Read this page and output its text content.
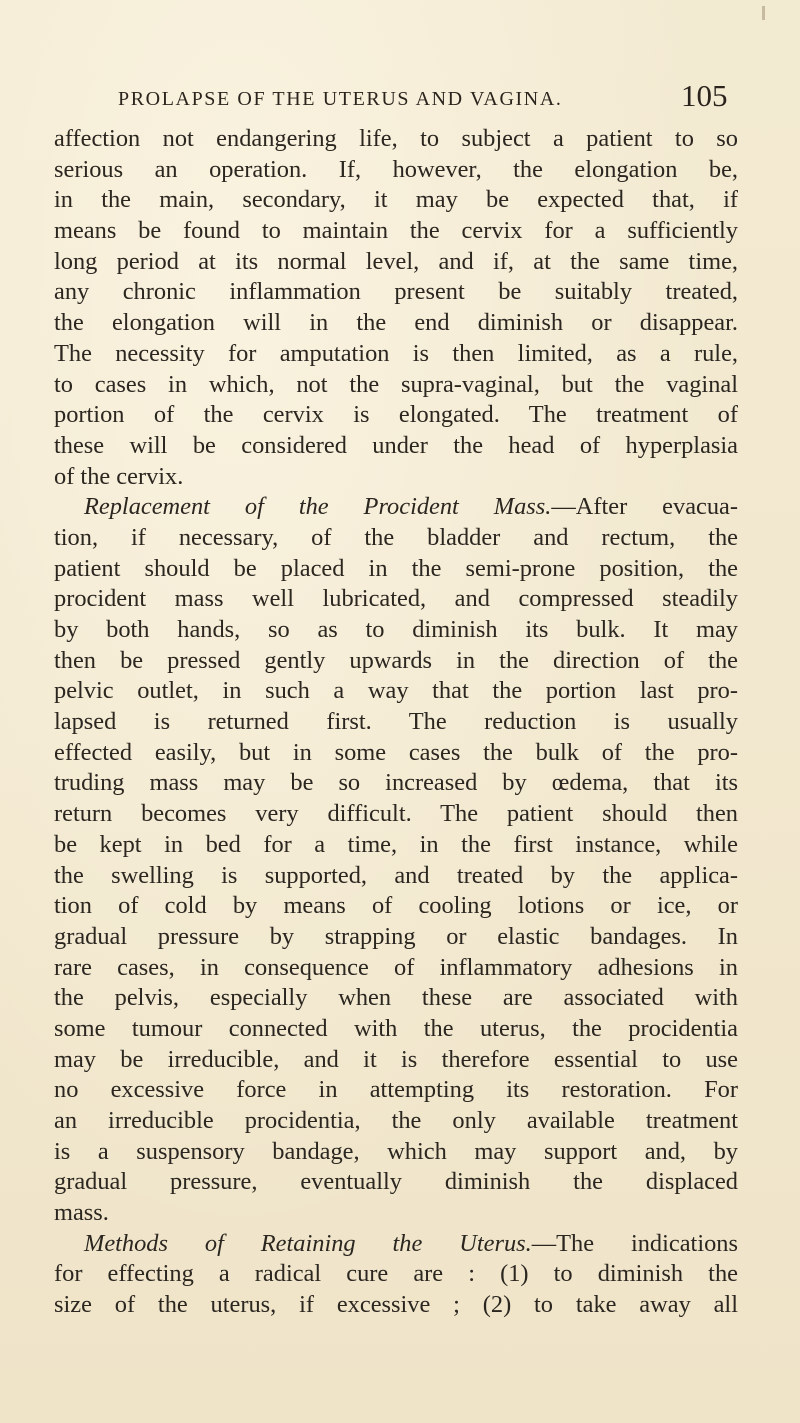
PROLAPSE OF THE UTERUS AND VAGINA.	105
affection not endangering life, to subject a patient to so
serious an operation. If, however, the elongation be,
in the main, secondary, it may be expected that, if
means be found to maintain the cervix for a sufficiently
long period at its normal level, and if, at the same time,
any chronic inflammation present be suitably treated,
the elongation will in the end diminish or disappear.
The necessity for amputation is then limited, as a rule,
to cases in which, not the supra-vaginal, but the vaginal
portion of the cervix is elongated. The treatment of
these will be considered under the head of hyperplasia
of the cervix.
Replacement of the Procident Mass.—After evacua-
tion, if necessary, of the bladder and rectum, the
patient should be placed in the semi-prone position, the
procident mass well lubricated, and compressed steadily
by both hands, so as to diminish its bulk. It may
then be pressed gently upwards in the direction of the
pelvic outlet, in such a way that the portion last pro-
lapsed is returned first. The reduction is usually
effected easily, but in some cases the bulk of the pro-
truding mass may be so increased by œdema, that its
return becomes very difficult. The patient should then
be kept in bed for a time, in the first instance, while
the swelling is supported, and treated by the applica-
tion of cold by means of cooling lotions or ice, or
gradual pressure by strapping or elastic bandages. In
rare cases, in consequence of inflammatory adhesions in
the pelvis, especially when these are associated with
some tumour connected with the uterus, the procidentia
may be irreducible, and it is therefore essential to use
no excessive force in attempting its restoration. For
an irreducible procidentia, the only available treatment
is a suspensory bandage, which may support and, by
gradual pressure, eventually diminish the displaced
mass.
Methods of Retaining the Uterus.—The indications
for effecting a radical cure are : (1) to diminish the
size of the uterus, if excessive ; (2) to take away all
